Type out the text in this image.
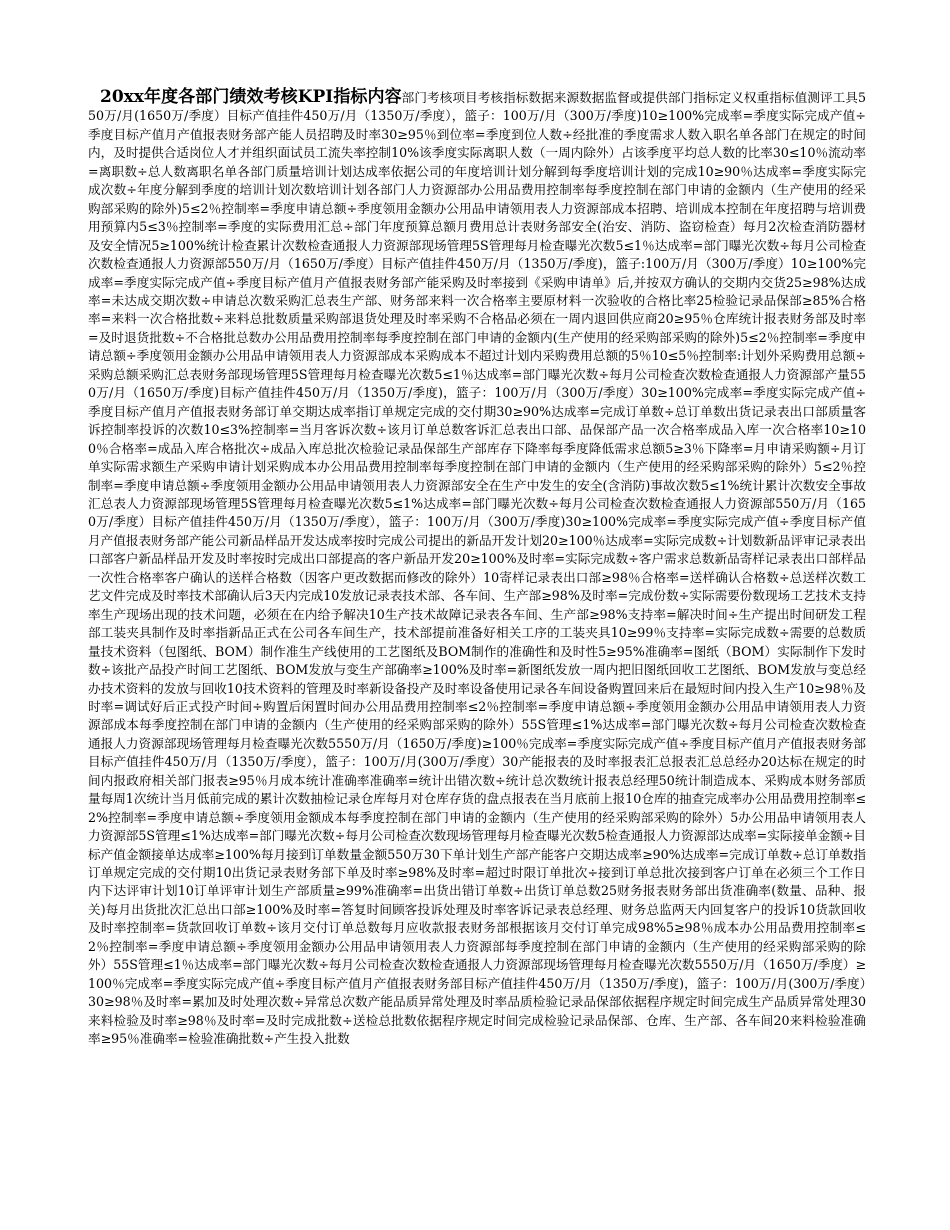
20xx年度各部门绩效考核KPI指标内容部门考核项目考核指标数据来源数据监督或提供部门指标定义权重指标值测评工具550万/月(1650万/季度）目标产值挂件450万/月（1350万/季度），篮子：100万/月（300万/季度)10≥100%完成率=季度实际完成产值÷季度目标产值月产值报表财务部产能人员招聘及时率30≥95％到位率=季度到位人数÷经批准的季度需求人数入职名单各部门在规定的时间内，及时提供合适岗位人才并组织面试员工流失率控制10%该季度实际离职人数（一周内除外）占该季度平均总人数的比率30≤10％流动率=离职数÷总人数离职名单各部门质量培训计划达成率依据公司的年度培训计划分解到每季度培训计划的完成10≥90％达成率=季度实际完成次数÷年度分解到季度的培训计划次数培训计划各部门人力资源部办公用品费用控制率每季度控制在部门申请的金额内（生产使用的经采购部采购的除外)5≤2％控制率=季度申请总额÷季度领用金额办公用品申请领用表人力资源部成本招聘、培训成本控制在年度招聘与培训费用预算内5≤3％控制率=季度的实际费用汇总÷部门年度预算总额月费用总计表财务部安全(治安、消防、盗窃检查）每月2次检查消防器材及安全情况5≥100%统计检查累计次数检查通报人力资源部现场管理5S管理每月检查曝光次数5≤1％达成率=部门曝光次数÷每月公司检查次数检查通报人力资源部550万/月（1650万/季度）目标产值挂件450万/月（1350万/季度)，篮子:100万/月（300万/季度）10≥100%完成率=季度实际完成产值÷季度目标产值月产值报表财务部产能采购及时率接到《采购申请单》后,并按双方确认的交期内交货25≥98%达成率=未达成交期次数÷申请总次数采购汇总表生产部、财务部来料一次合格率主要原材料一次验收的合格比率25检验记录品保部≥85%合格率=来料一次合格批数÷来料总批数质量采购部退货处理及时率采购不合格品必须在一周内退回供应商20≥95％仓库统计报表财务部及时率=及时退货批数÷不合格批总数办公用品费用控制率每季度控制在部门申请的金额内(生产使用的经采购部采购的除外)5≤2％控制率=季度申请总额÷季度领用金额办公用品申请领用表人力资源部成本采购成本不超过计划内采购费用总额的5％10≤5％控制率:计划外采购费用总额÷采购总额采购汇总表财务部现场管理5S管理每月检查曝光次数5≤1％达成率=部门曝光次数÷每月公司检查次数检查通报人力资源部产量550万/月（1650万/季度)目标产值挂件450万/月（1350万/季度)，篮子：100万/月（300万/季度）30≥100%完成率=季度实际完成产值÷季度目标产值月产值报表财务部订单交期达成率指订单规定完成的交付期30≥90%达成率=完成订单数÷总订单数出货记录表出口部质量客诉控制率投诉的次数10≤3%控制率=当月客诉次数÷该月订单总数客诉汇总表出口部、品保部产品一次合格率成品入库一次合格率10≥100％合格率=成品入库合格批次÷成品入库总批次检验记录品保部生产部库存下降率每季度降低需求总额5≥3％下降率=月申请采购额÷月订单实际需求额生产采购申请计划采购成本办公用品费用控制率每季度控制在部门申请的金额内（生产使用的经采购部采购的除外）5≤2％控制率=季度申请总额÷季度领用金额办公用品申请领用表人力资源部安全在生产中发生的安全(含消防)事故次数5≤1%统计累计次数安全事故汇总表人力资源部现场管理5S管理每月检查曝光次数5≤1%达成率=部门曝光次数÷每月公司检查次数检查通报人力资源部550万/月（1650万/季度）目标产值挂件450万/月（1350万/季度），篮子：100万/月（300万/季度)30≥100%完成率=季度实际完成产值÷季度目标产值月产值报表财务部产能公司新品样品开发达成率按时完成公司提出的新品开发计划20≥100％达成率=实际完成数÷计划数新品评审记录表出口部客户新品样品开发及时率按时完成出口部提高的客户新品开发20≥100%及时率=实际完成数÷客户需求总数新品寄样记录表出口部样品一次性合格率客户确认的送样合格数（因客户更改数据而修改的除外）10寄样记录表出口部≥98％合格率=送样确认合格数÷总送样次数工艺文件完成及时率技术部确认后3天内完成10发放记录表技术部、各车间、生产部≥98%及时率=完成份数÷实际需要份数现场工艺技术支持率生产现场出现的技术问题，必须在在内给予解决10生产技术故障记录表各车间、生产部≥98%支持率=解决时间÷生产提出时间研发工程部工装夹具制作及时率指新品正式在公司各车间生产，技术部提前准备好相关工序的工装夹具10≥99％支持率=实际完成数÷需要的总数质量技术资料（包图纸、BOM）制作准生产线使用的工艺图纸及BOM制作的准确性和及时性5≥95%准确率=图纸（BOM）实际制作下发时数÷该批产品投产时间工艺图纸、BOM发放与变生产部确率≥100%及时率=新图纸发放一周内把旧图纸回收工艺图纸、BOM发放与变总经办技术资料的发放与回收10技术资料的管理及时率新设备投产及时率设备使用记录各车间设备购置回来后在最短时间内投入生产10≥98％及时率=调试好后正式投产时间÷购置后闲置时间办公用品费用控制率≤2％控制率=季度申请总额÷季度领用金额办公用品申请领用表人力资源部成本每季度控制在部门申请的金额内（生产使用的经采购部采购的除外）55S管理≤1%达成率=部门曝光次数÷每月公司检查次数检查通报人力资源部现场管理每月检查曝光次数5550万/月（1650万/季度)≥100％完成率=季度实际完成产值÷季度目标产值月产值报表财务部目标产值挂件450万/月（1350万/季度），篮子：100万/月(300万/季度）30产能报表的及时率报表汇总报表汇总总经办20达标在规定的时间内报政府相关部门报表≥95％月成本统计准确率准确率=统计出错次数÷统计总次数统计报表总经理50统计制造成本、采购成本财务部质量每周1次统计当月低前完成的累计次数抽检记录仓库每月对仓库存货的盘点报表在当月底前上报10仓库的抽查完成率办公用品费用控制率≤2%控制率=季度申请总额÷季度领用金额成本每季度控制在部门申请的金额内（生产使用的经采购部采购的除外）5办公用品申请领用表人力资源部5S管理≤1%达成率=部门曝光次数÷每月公司检查次数现场管理每月检查曝光次数5检查通报人力资源部达成率=实际接单金额÷目标产值金额接单达成率≥100%每月接到订单数量金额550万30下单计划生产部产能客户交期达成率≥90%达成率=完成订单数÷总订单数指订单规定完成的交付期10出货记录表财务部下单及时率≥98%及时率=超过时限订单批次÷接到订单总批次接到客户订单在必须三个工作日内下达评审计划10订单评审计划生产部质量≥99%准确率=出货出错订单数÷出货订单总数25财务报表财务部出货准确率(数量、品种、报关)每月出货批次汇总出口部≥100%及时率=答复时间顾客投诉处理及时率客诉记录表总经理、财务总监两天内回复客户的投诉10货款回收及时率控制率=货款回收订单数÷该月交付订单总数每月应收款报表财务部根据该月交付订单完成98%5≥98％成本办公用品费用控制率≤2％控制率=季度申请总额÷季度领用金额办公用品申请领用表人力资源部每季度控制在部门申请的金额内（生产使用的经采购部采购的除外）55S管理≤1％达成率=部门曝光次数÷每月公司检查次数检查通报人力资源部现场管理每月检查曝光次数5550万/月（1650万/季度）≥100％完成率=季度实际完成产值÷季度目标产值月产值报表财务部目标产值挂件450万/月（1350万/季度)，篮子：100万/月(300万/季度）30≥98％及时率=累加及时处理次数÷异常总次数产能品质异常处理及时率品质检验记录品保部依据程序规定时间完成生产品质异常处理30来料检验及时率≥98％及时率=及时完成批数÷送检总批数依据程序规定时间完成检验记录品保部、仓库、生产部、各车间20来料检验准确率≥95％准确率=检验准确批数÷产生投入批数
